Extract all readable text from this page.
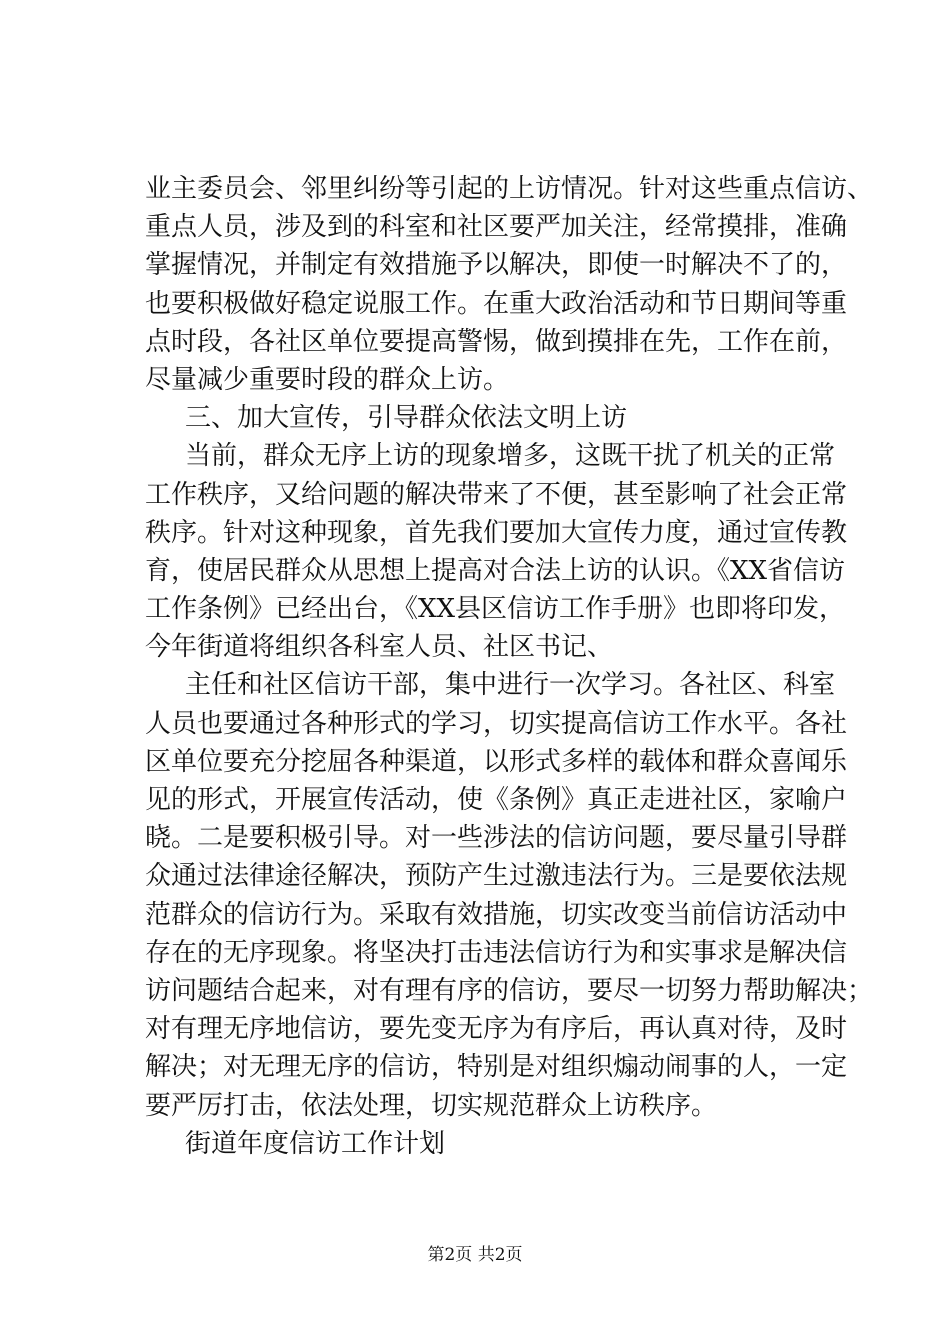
业主委员会、邻里纠纷等引起的上访情况。针对这些重点信访、
重点人员，涉及到的科室和社区要严加关注，经常摸排，准确
掌握情况，并制定有效措施予以解决，即使一时解决不了的，
也要积极做好稳定说服工作。在重大政治活动和节日期间等重
点时段，各社区单位要提高警惕，做到摸排在先，工作在前，
尽量减少重要时段的群众上访。
三、加大宣传，引导群众依法文明上访
当前，群众无序上访的现象增多，这既干扰了机关的正常
工作秩序，又给问题的解决带来了不便，甚至影响了社会正常
秩序。针对这种现象，首先我们要加大宣传力度，通过宣传教
育，使居民群众从思想上提高对合法上访的认识。《XX省信访
工作条例》已经出台，《XX县区信访工作手册》也即将印发，
今年街道将组织各科室人员、社区书记、
主任和社区信访干部，集中进行一次学习。各社区、科室
人员也要通过各种形式的学习，切实提高信访工作水平。各社
区单位要充分挖屈各种渠道，以形式多样的载体和群众喜闻乐
见的形式，开展宣传活动，使《条例》真正走进社区，家喻户
晓。二是要积极引导。对一些涉法的信访问题，要尽量引导群
众通过法律途径解决，预防产生过激违法行为。三是要依法规
范群众的信访行为。采取有效措施，切实改变当前信访活动中
存在的无序现象。将坚决打击违法信访行为和实事求是解决信
访问题结合起来，对有理有序的信访，要尽一切努力帮助解决；
对有理无序地信访，要先变无序为有序后，再认真对待，及时
解决；对无理无序的信访，特别是对组织煽动闹事的人，一定
要严厉打击，依法处理，切实规范群众上访秩序。
街道年度信访工作计划
第2页 共2页
